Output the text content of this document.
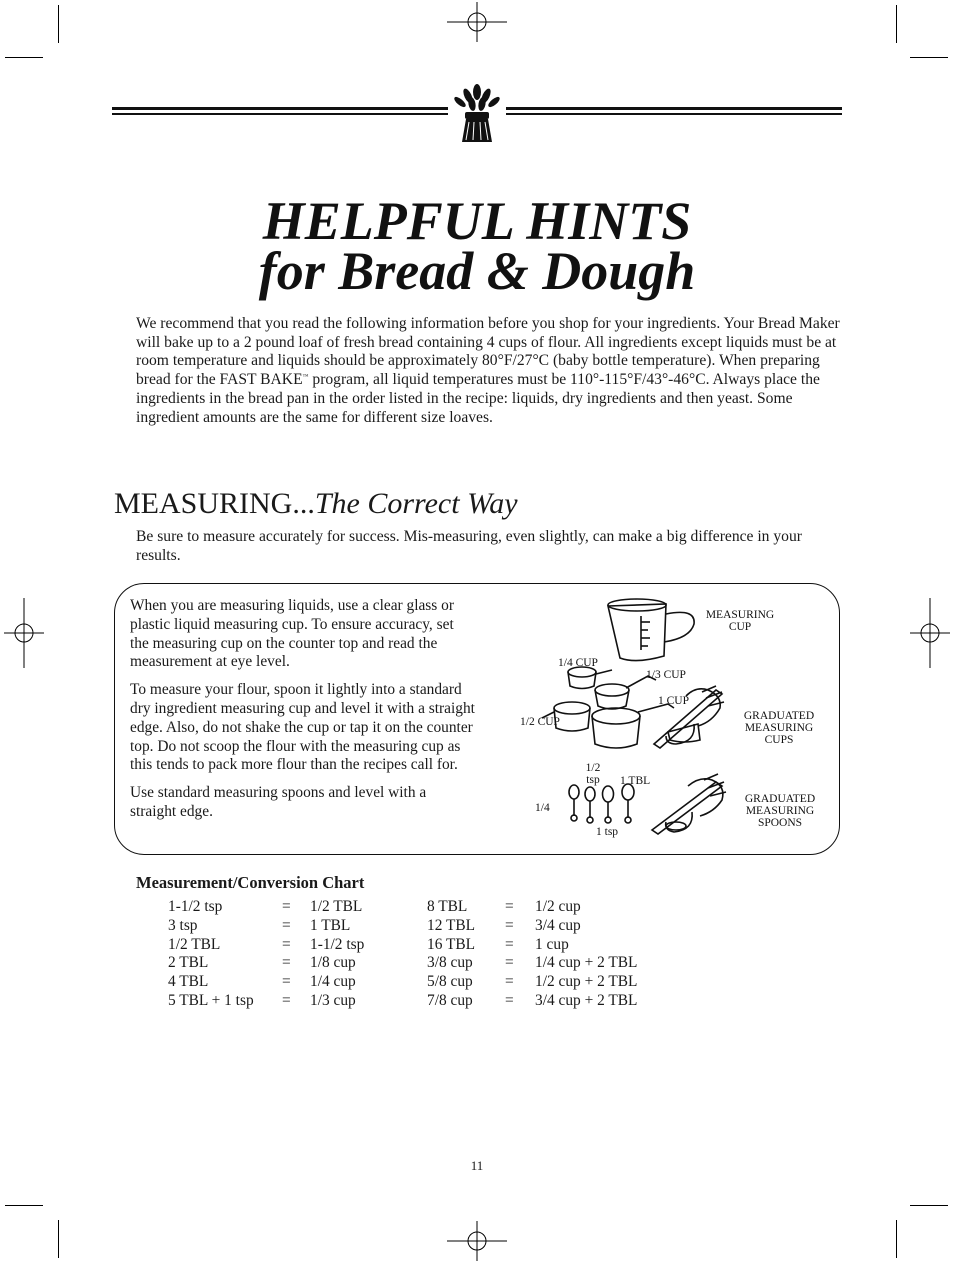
HELPFUL HINTS
for Bread & Dough

We recommend that you read the following information before you shop for your ingredients. Your Bread Maker will bake up to a 2 pound loaf of fresh bread containing 4 cups of flour. All ingredients except liquids must be at room temperature and liquids should be approximately 80°F/27°C (baby bottle temperature). When preparing bread for the FAST BAKE™ program, all liquid temperatures must be 110°-115°F/43°-46°C. Always place the ingredients in the bread pan in the order listed in the recipe: liquids, dry ingredients and then yeast. Some ingredient amounts are the same for different size loaves.

MEASURING...The Correct Way

Be sure to measure accurately for success. Mis-measuring, even slightly, can make a big difference in your results.

When you are measuring liquids, use a clear glass or plastic liquid measuring cup. To ensure accuracy, set the measuring cup on the counter top and read the measurement at eye level.

To measure your flour, spoon it lightly into a standard dry ingredient measuring cup and level it with a straight edge. Also, do not shake the cup or tap it on the counter top. Do not scoop the flour with the measuring cup as this tends to pack more flour than the recipes call for.

Use standard measuring spoons and level with a straight edge.

MEASURING
CUP
1/4 CUP
1/3 CUP
1 CUP
1/2 CUP	GRADUATED
MEASURING
CUPS
1/2
tsp 1 TBL
1/4
1 tsp
GRADUATED
MEASURING
SPOONS
Measurement/Conversion Chart
1-1/2 tsp	= 1/2 TBL	8 TBL = 1/2 cup
3 tsp	= 1 TBL	12 TBL = 3/4 cup
1/2 TBL	= 1-1/2 tsp	16 TBL = 1 cup
2 TBL	= 1/8 cup	3/8 cup = 1/4 cup + 2 TBL
4 TBL	= 1/4 cup	5/8 cup = 1/2 cup + 2 TBL
5 TBL + 1 tsp = 1/3 cup	7/8 cup = 3/4 cup + 2 TBL
11
